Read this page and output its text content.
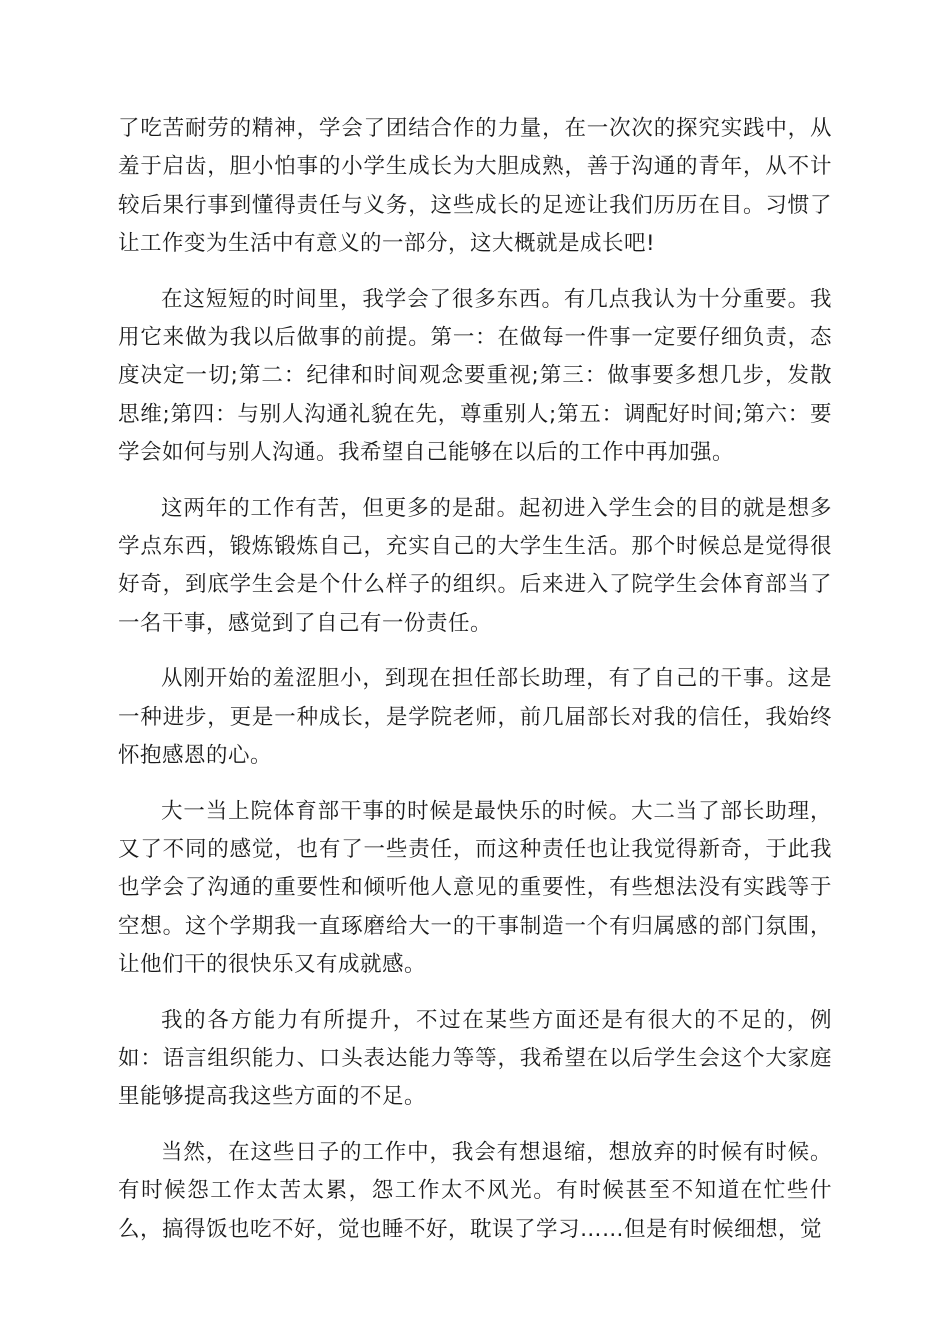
了吃苦耐劳的精神，学会了团结合作的力量，在一次次的探究实践中，从羞于启齿，胆小怕事的小学生成长为大胆成熟，善于沟通的青年，从不计较后果行事到懂得责任与义务，这些成长的足迹让我们历历在目。习惯了让工作变为生活中有意义的一部分，这大概就是成长吧!

在这短短的时间里，我学会了很多东西。有几点我认为十分重要。我用它来做为我以后做事的前提。第一：在做每一件事一定要仔细负责，态度决定一切;第二：纪律和时间观念要重视;第三：做事要多想几步，发散思维;第四：与别人沟通礼貌在先，尊重别人;第五：调配好时间;第六：要学会如何与别人沟通。我希望自己能够在以后的工作中再加强。

这两年的工作有苦，但更多的是甜。起初进入学生会的目的就是想多学点东西，锻炼锻炼自己，充实自己的大学生生活。那个时候总是觉得很好奇，到底学生会是个什么样子的组织。后来进入了院学生会体育部当了一名干事，感觉到了自己有一份责任。

从刚开始的羞涩胆小，到现在担任部长助理，有了自己的干事。这是一种进步，更是一种成长，是学院老师，前几届部长对我的信任，我始终怀抱感恩的心。

大一当上院体育部干事的时候是最快乐的时候。大二当了部长助理，又了不同的感觉，也有了一些责任，而这种责任也让我觉得新奇，于此我也学会了沟通的重要性和倾听他人意见的重要性，有些想法没有实践等于空想。这个学期我一直琢磨给大一的干事制造一个有归属感的部门氛围，让他们干的很快乐又有成就感。

我的各方能力有所提升，不过在某些方面还是有很大的不足的，例如：语言组织能力、口头表达能力等等，我希望在以后学生会这个大家庭里能够提高我这些方面的不足。

当然，在这些日子的工作中，我会有想退缩，想放弃的时候有时候。有时候怨工作太苦太累，怨工作太不风光。有时候甚至不知道在忙些什么，搞得饭也吃不好，觉也睡不好，耽误了学习……但是有时候细想，觉
